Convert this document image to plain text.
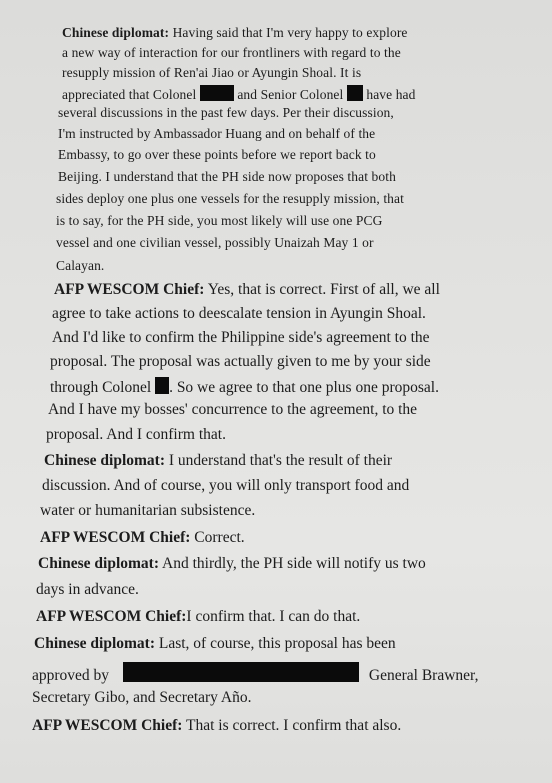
Chinese diplomat: Having said that I'm very happy to explore
a new way of interaction for our frontliners with regard to the
resupply mission of Ren'ai Jiao or Ayungin Shoal. It is
appreciated that Colonel	and Senior Colonel have had
several discussions in the past few days. Per their discussion,
I'm instructed by Ambassador Huang and on behalf of the
Embassy, to go over these points before we report back to
Beijing. I understand that the PH side now proposes that both
sides deploy one plus one vessels for the resupply mission, that
is to say, for the PH side, you most likely will use one PCG
vessel and one civilian vessel, possibly Unaizah May 1 or
Calayan.
AFP WESCOM Chief: Yes, that is correct. First of all, we all
agree to take actions to deescalate tension in Ayungin Shoal.
And I'd like to confirm the Philippine side's agreement to the
proposal. The proposal was actually given to me by your side
through Colonel . So we agree to that one plus one proposal.
And I have my bosses' concurrence to the agreement, to the
proposal. And I confirm that.
Chinese diplomat: I understand that's the result of their
discussion. And of course, you will only transport food and
water or humanitarian subsistence.
AFP WESCOM Chief: Correct.
Chinese diplomat: And thirdly, the PH side will notify us two
days in advance.
AFP WESCOM Chief:I confirm that. I can do that.
Chinese diplomat: Last, of course, this proposal has been
approved by	General Brawner,
Secretary Gibo, and Secretary Año.
AFP WESCOM Chief: That is correct. I confirm that also.
